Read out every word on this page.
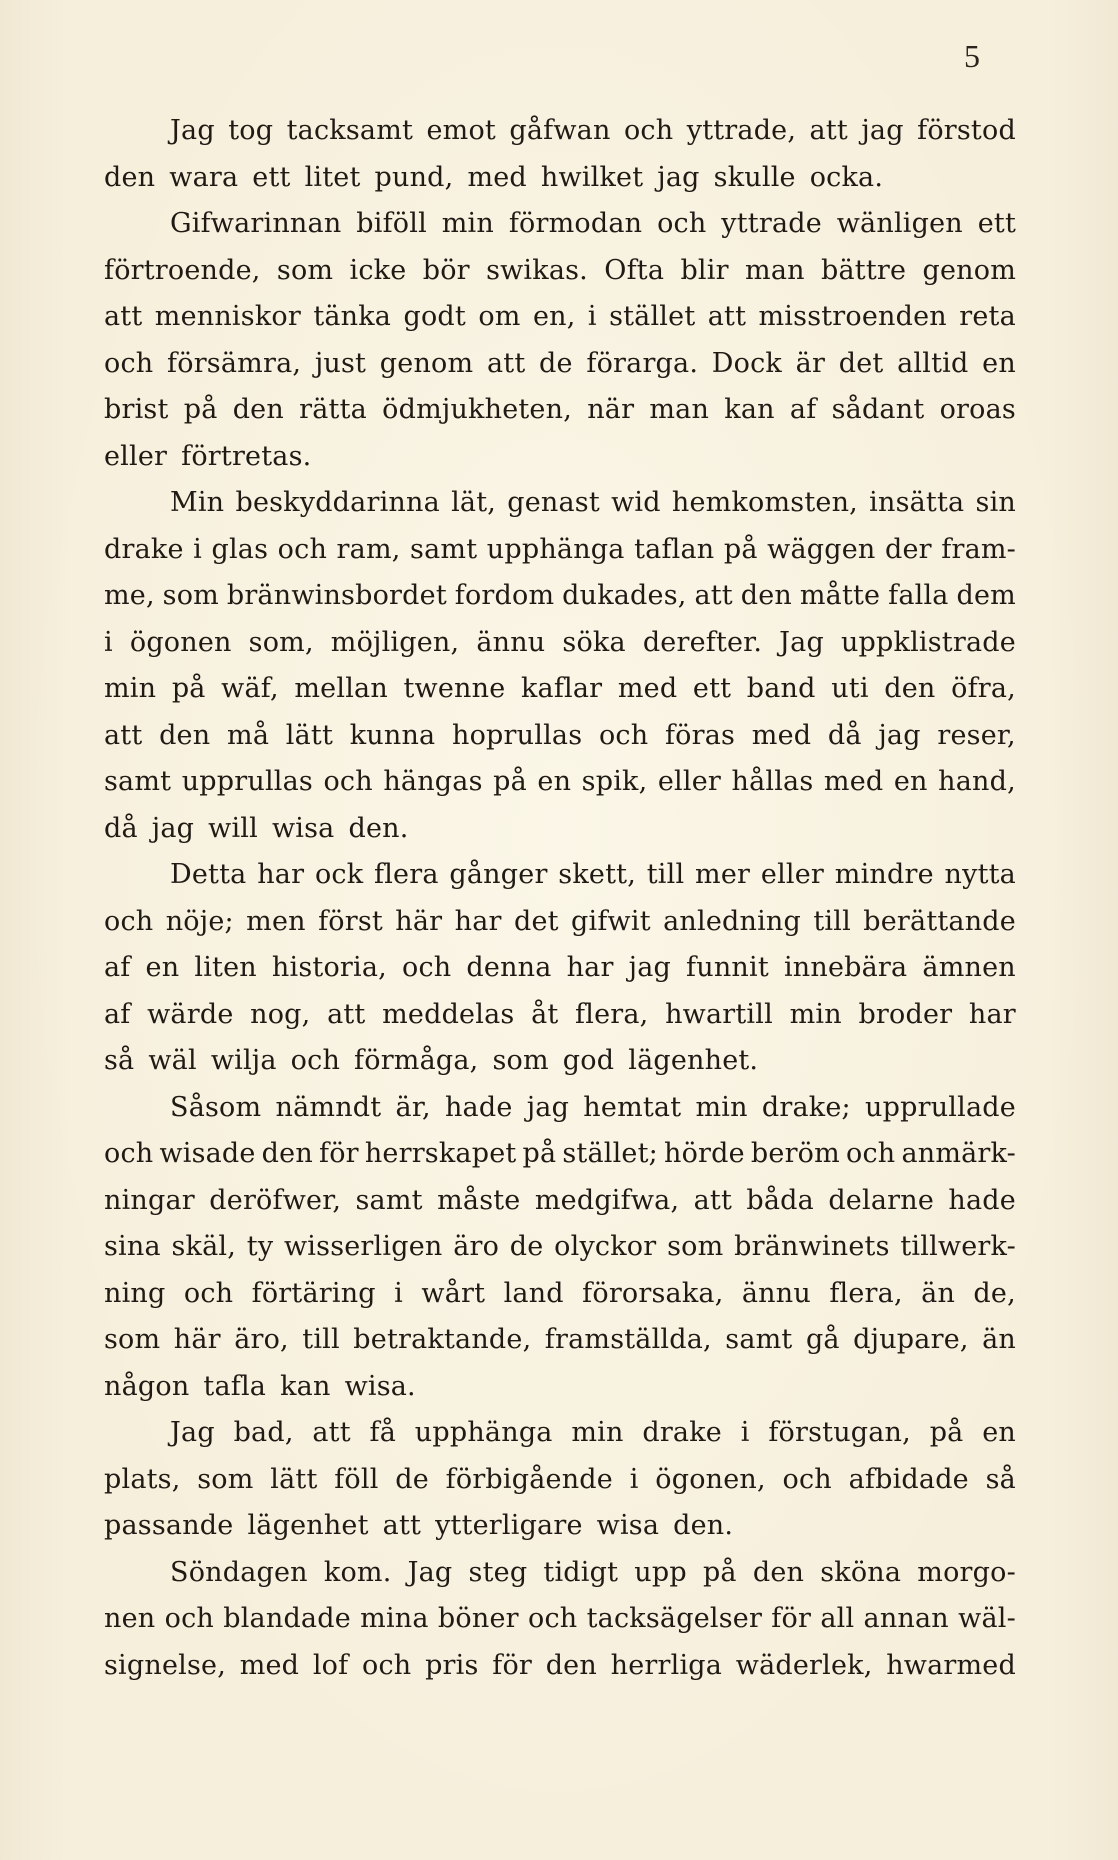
5
Jag tog tacksamt emot gåfwan och yttrade, att jag förstod
den wara ett litet pund, med hwilket jag skulle ocka.
Gifwarinnan biföll min förmodan och yttrade wänligen ett
förtroende, som icke bör swikas. Ofta blir man bättre genom
att menniskor tänka godt om en, i stället att misstroenden reta
och försämra, just genom att de förarga. Dock är det alltid en
brist på den rätta ödmjukheten, när man kan af sådant oroas
eller förtretas.
Min beskyddarinna lät, genast wid hemkomsten, insätta sin
drake i glas och ram, samt upphänga taflan på wäggen der fram-
me, som bränwinsbordet fordom dukades, att den måtte falla dem
i ögonen som, möjligen, ännu söka derefter. Jag uppklistrade
min på wäf, mellan twenne kaflar med ett band uti den öfra,
att den må lätt kunna hoprullas och föras med då jag reser,
samt upprullas och hängas på en spik, eller hållas med en hand,
då jag will wisa den.
Detta har ock flera gånger skett, till mer eller mindre nytta
och nöje; men först här har det gifwit anledning till berättande
af en liten historia, och denna har jag funnit innebära ämnen
af wärde nog, att meddelas åt flera, hwartill min broder har
så wäl wilja och förmåga, som god lägenhet.
Såsom nämndt är, hade jag hemtat min drake; upprullade
och wisade den för herrskapet på stället; hörde beröm och anmärk-
ningar deröfwer, samt måste medgifwa, att båda delarne hade
sina skäl, ty wisserligen äro de olyckor som bränwinets tillwerk-
ning och förtäring i wårt land förorsaka, ännu flera, än de,
som här äro, till betraktande, framställda, samt gå djupare, än
någon tafla kan wisa.
Jag bad, att få upphänga min drake i förstugan, på en
plats, som lätt föll de förbigående i ögonen, och afbidade så
passande lägenhet att ytterligare wisa den.
Söndagen kom. Jag steg tidigt upp på den sköna morgo-
nen och blandade mina böner och tacksägelser för all annan wäl-
signelse, med lof och pris för den herrliga wäderlek, hwarmed
